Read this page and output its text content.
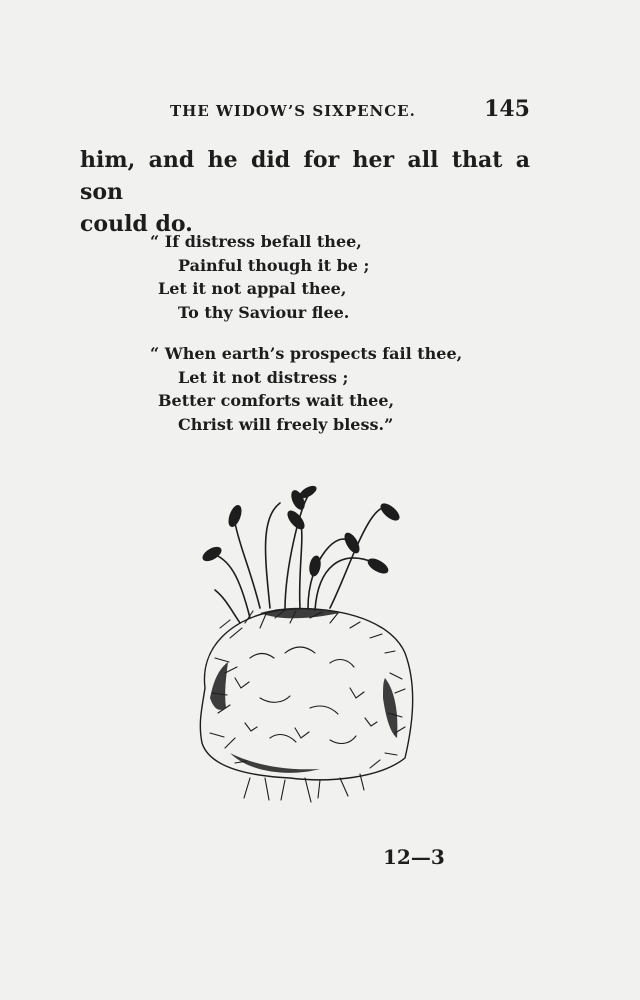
THE WIDOW’S SIXPENCE.	145

him, and he did for her all that a son
could do.

“ If distress befall thee,
Painful though it be ;
Let it not appal thee,
To thy Saviour flee.
“ When earth’s prospects fail thee,
Let it not distress ;
Better comforts wait thee,
Christ will freely bless.”
12—3
